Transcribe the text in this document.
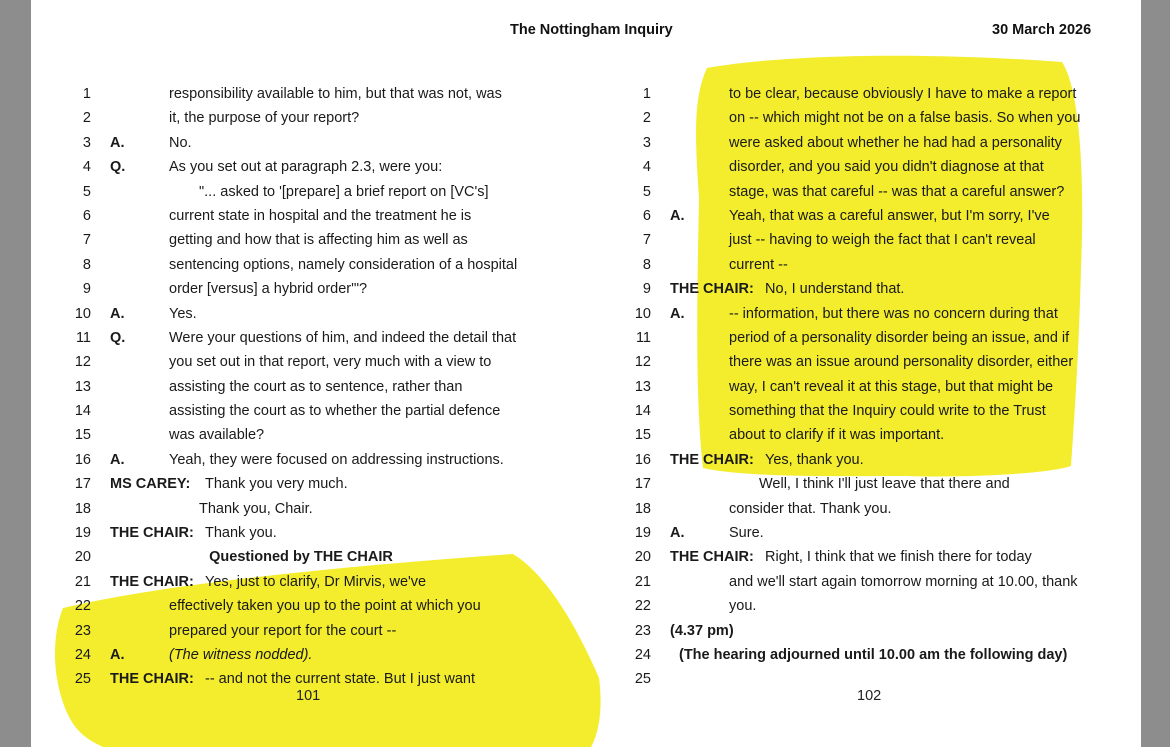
The Nottingham Inquiry	30 March 2026
1	responsibility available to him, but that was not, was
2	it, the purpose of your report?
3 A.	No.
4 Q.	As you set out at paragraph 2.3, were you:
5	"... asked to '[prepare] a brief report on [VC's]
6	current state in hospital and the treatment he is
7	getting and how that is affecting him as well as
8	sentencing options, namely consideration of a hospital
9	order [versus] a hybrid order'"?
10 A.	Yes.
11 Q.	Were your questions of him, and indeed the detail that
12	you set out in that report, very much with a view to
13	assisting the court as to sentence, rather than
14	assisting the court as to whether the partial defence
15	was available?
16 A.	Yeah, they were focused on addressing instructions.
17 MS CAREY: Thank you very much.
18	Thank you, Chair.
19 THE CHAIR: Thank you.
20	Questioned by THE CHAIR
21 THE CHAIR: Yes, just to clarify, Dr Mirvis, we've
22	effectively taken you up to the point at which you
23	prepared your report for the court --
24 A.	(The witness nodded).
25 THE CHAIR: -- and not the current state. But I just want
1	to be clear, because obviously I have to make a report
2	on -- which might not be on a false basis. So when you
3	were asked about whether he had had a personality
4	disorder, and you said you didn't diagnose at that
5	stage, was that careful -- was that a careful answer?
6 A.	Yeah, that was a careful answer, but I'm sorry, I've
7	just -- having to weigh the fact that I can't reveal
8	current --
9 THE CHAIR: No, I understand that.
10 A.	-- information, but there was no concern during that
11	period of a personality disorder being an issue, and if
12	there was an issue around personality disorder, either
13	way, I can't reveal it at this stage, but that might be
14	something that the Inquiry could write to the Trust
15	about to clarify if it was important.
16 THE CHAIR: Yes, thank you.
17	Well, I think I'll just leave that there and
18	consider that. Thank you.
19 A.	Sure.
20 THE CHAIR: Right, I think that we finish there for today
21	and we'll start again tomorrow morning at 10.00, thank
22	you.
23 (4.37 pm)
24 (The hearing adjourned until 10.00 am the following day)
25
101	102
